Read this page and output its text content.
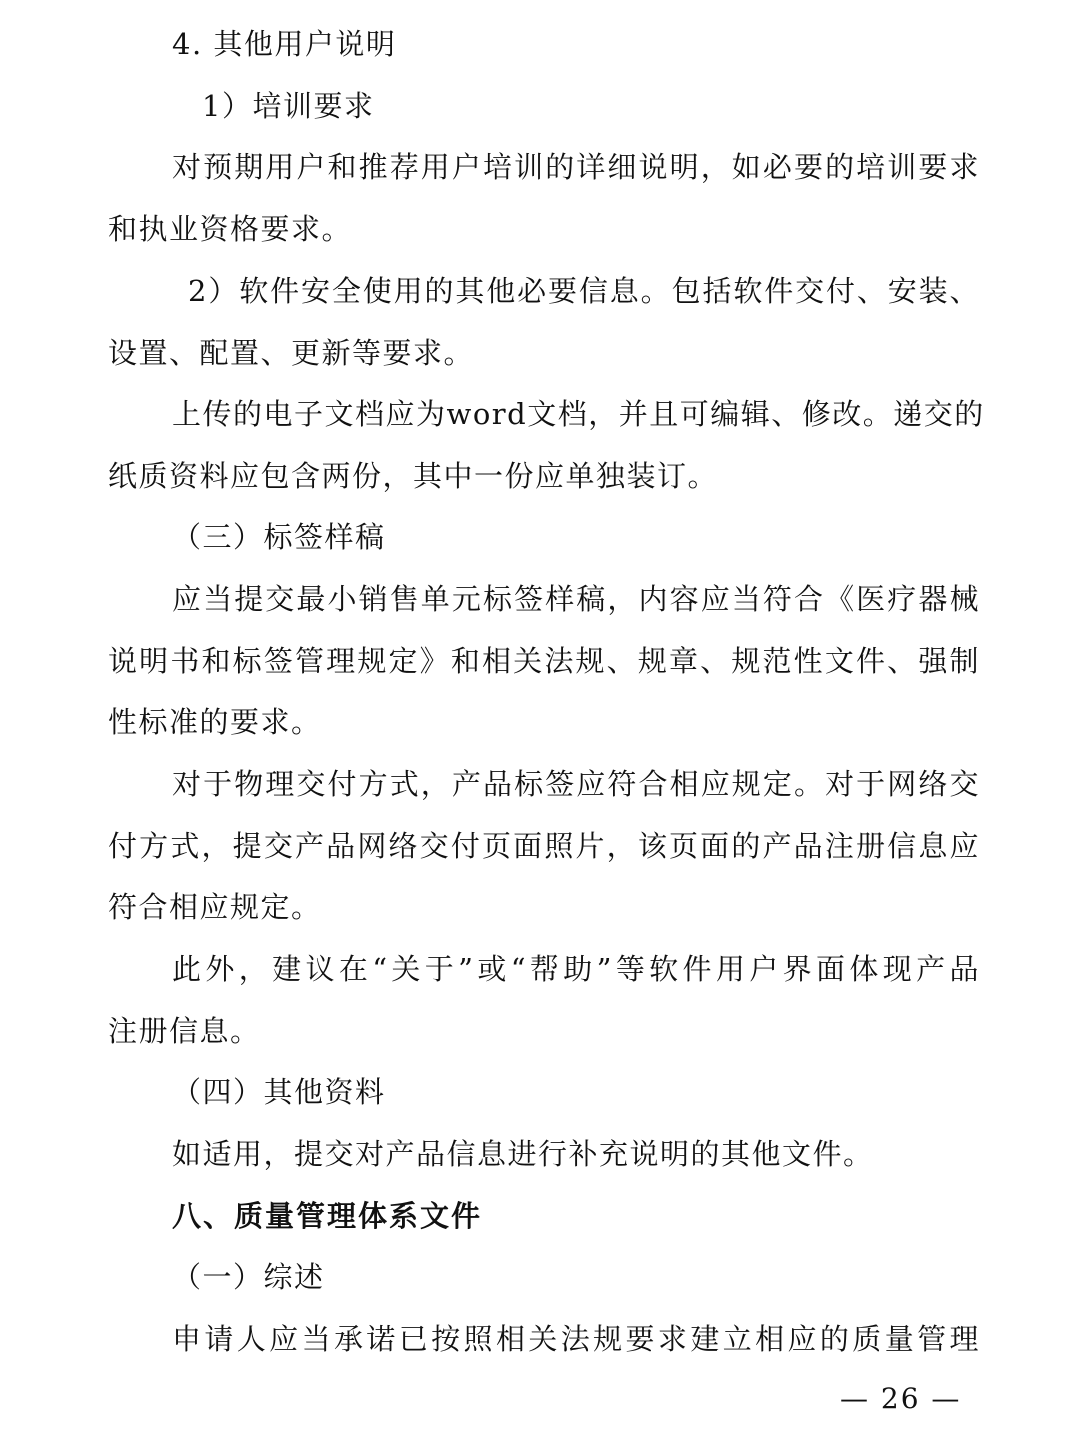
4. 其他用户说明
1）培训要求
对预期用户和推荐用户培训的详细说明，如必要的培训要求
和执业资格要求。
2）软件安全使用的其他必要信息。包括软件交付、安装、
设置、配置、更新等要求。
上传的电子文档应为word文档，并且可编辑、修改。递交的
纸质资料应包含两份，其中一份应单独装订。
（三）标签样稿
应当提交最小销售单元标签样稿，内容应当符合《医疗器械
说明书和标签管理规定》和相关法规、规章、规范性文件、强制
性标准的要求。
对于物理交付方式，产品标签应符合相应规定。对于网络交
付方式，提交产品网络交付页面照片，该页面的产品注册信息应
符合相应规定。
此外，建议在“关于”或“帮助”等软件用户界面体现产品
注册信息。
（四）其他资料
如适用，提交对产品信息进行补充说明的其他文件。
八、质量管理体系文件
（一）综述
申请人应当承诺已按照相关法规要求建立相应的质量管理
— 26 —
